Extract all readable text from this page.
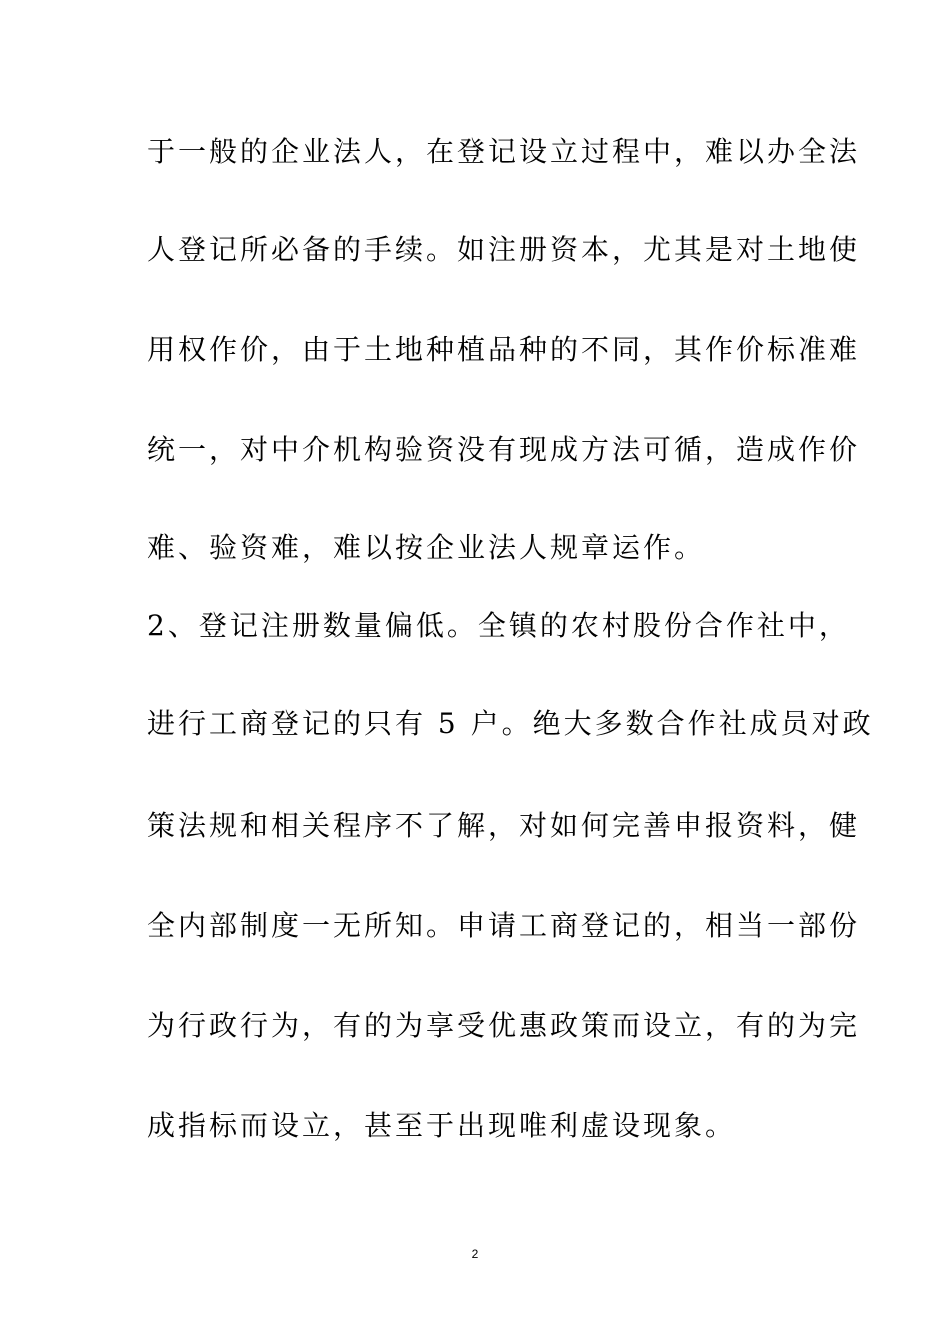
于一般的企业法人，在登记设立过程中，难以办全法
人登记所必备的手续。如注册资本，尤其是对土地使
用权作价，由于土地种植品种的不同，其作价标准难
统一，对中介机构验资没有现成方法可循，造成作价
难、验资难，难以按企业法人规章运作。
2、登记注册数量偏低。全镇的农村股份合作社中，
进行工商登记的只有 5 户。绝大多数合作社成员对政
策法规和相关程序不了解，对如何完善申报资料，健
全内部制度一无所知。申请工商登记的，相当一部份
为行政行为，有的为享受优惠政策而设立，有的为完
成指标而设立，甚至于出现唯利虚设现象。
2
